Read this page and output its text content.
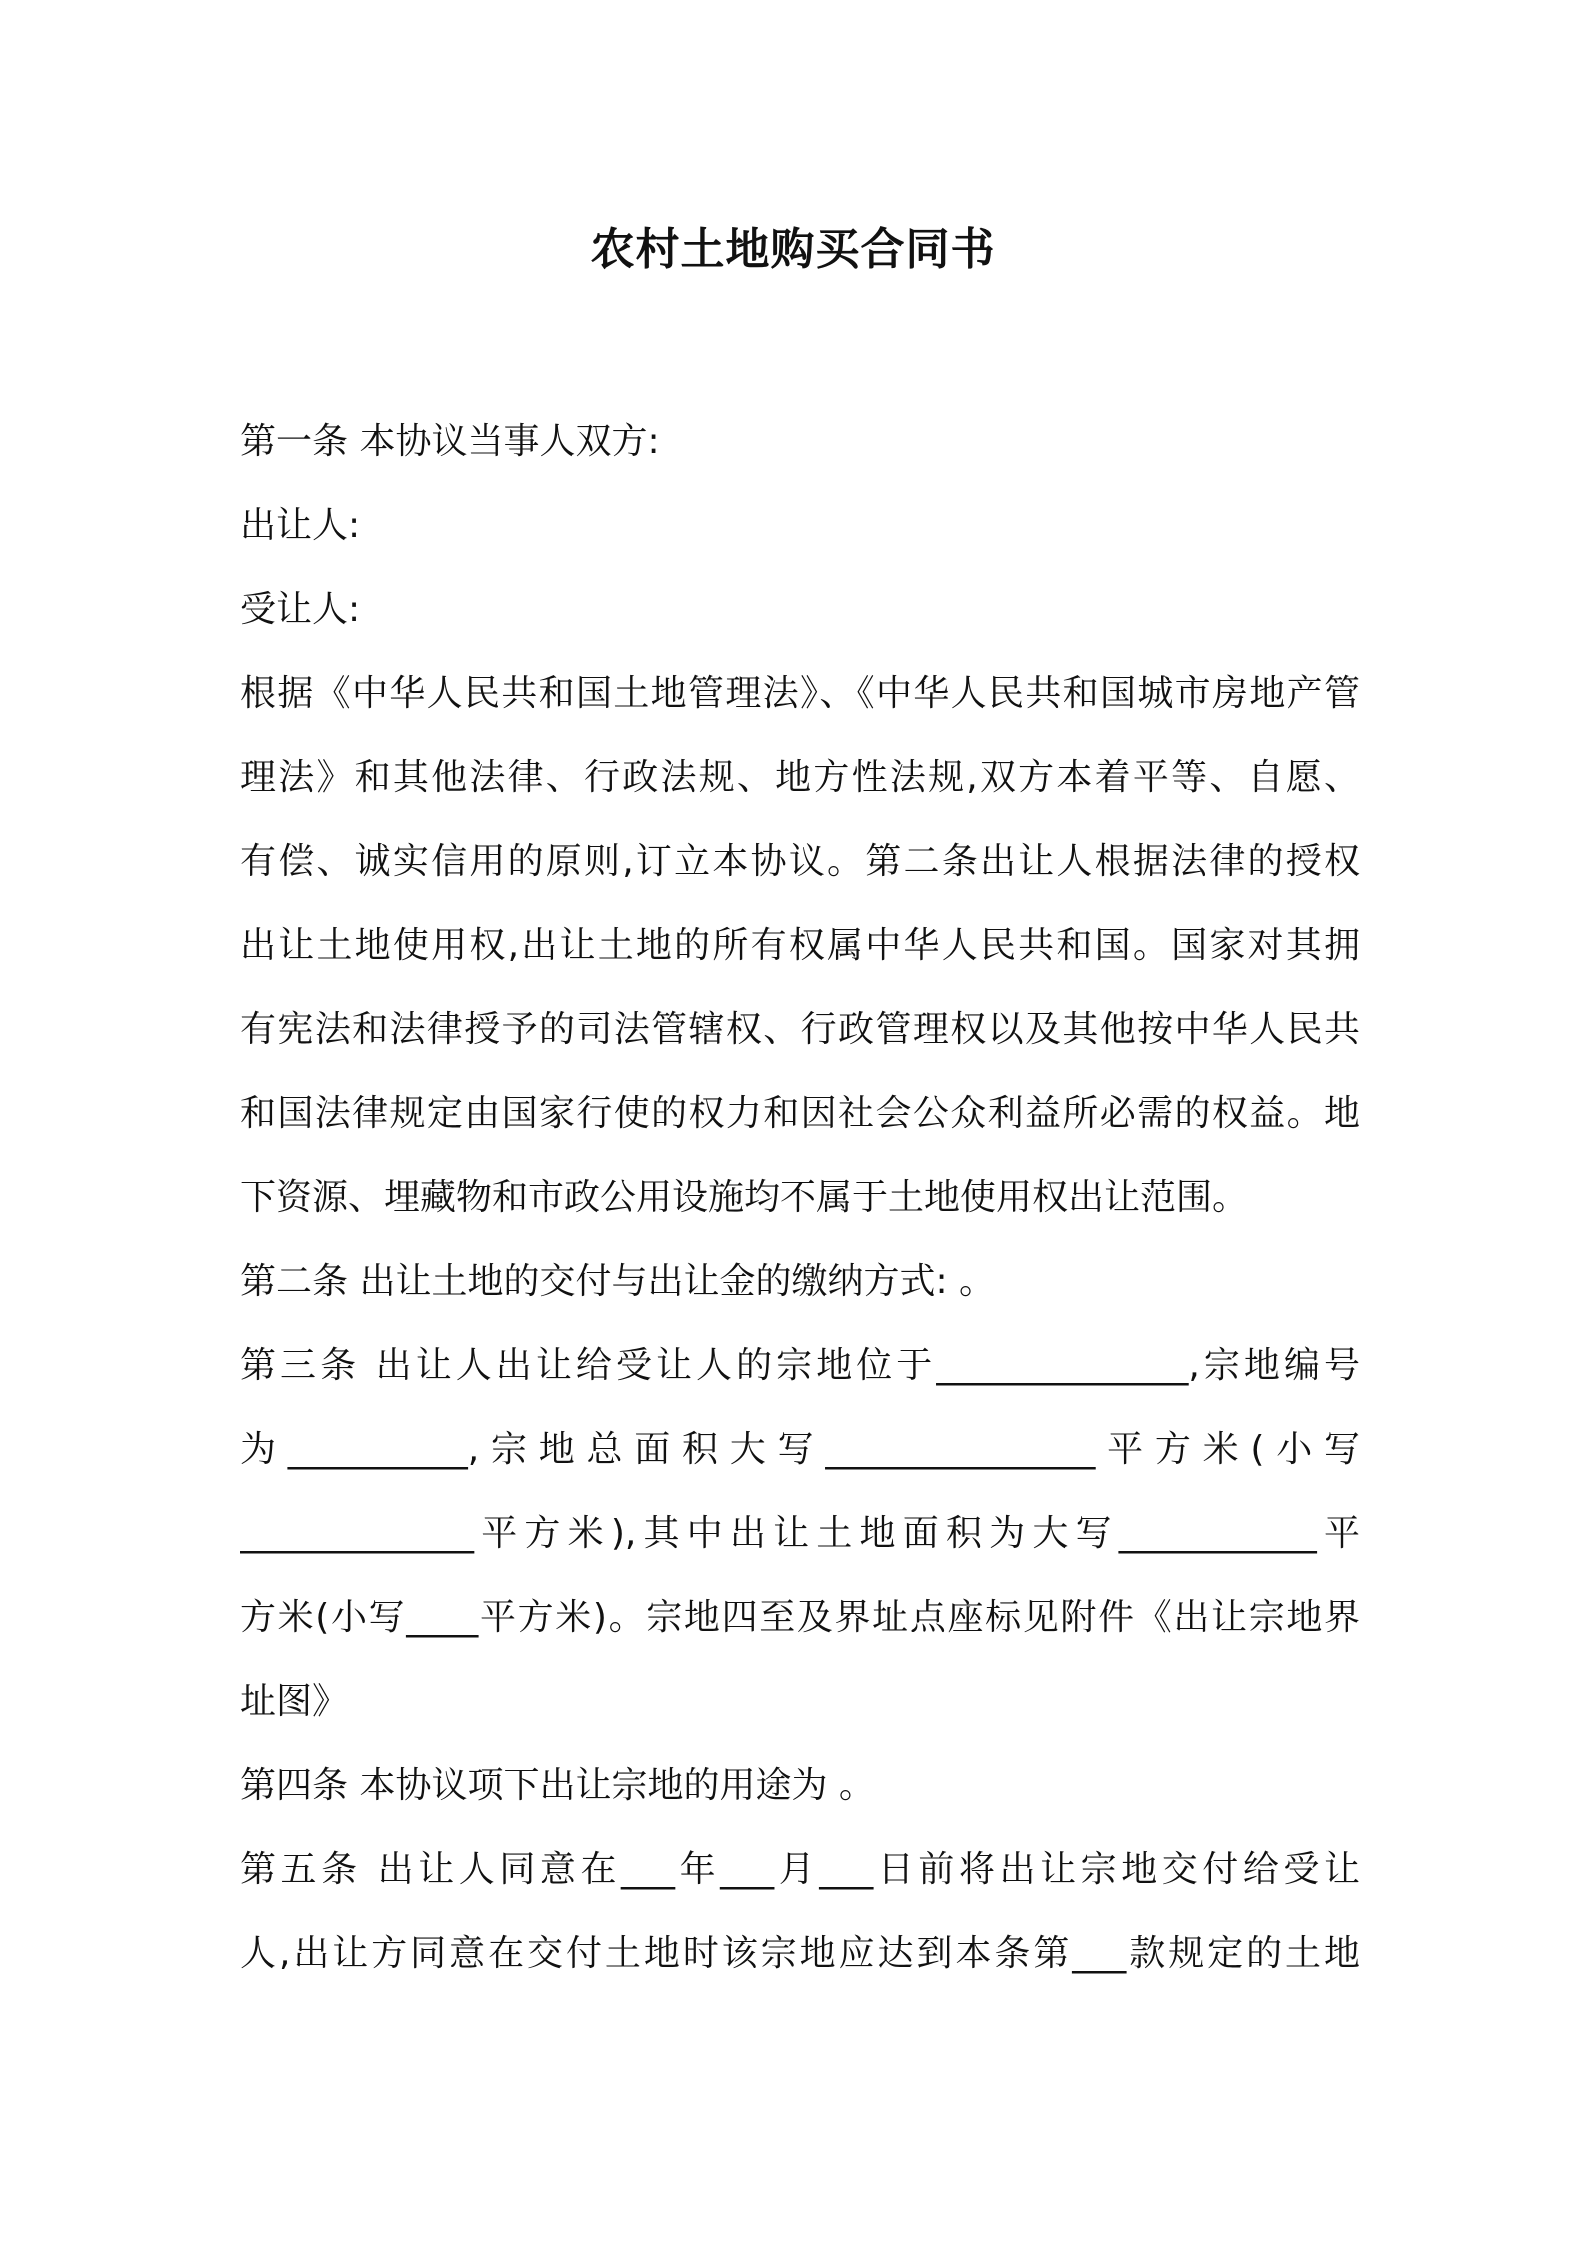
农村土地购买合同书
第一条 本协议当事人双方:
出让人:
受让人:
根据《中华人民共和国土地管理法》、《中华人民共和国城市房地产管
理法》和其他法律、行政法规、地方性法规,双方本着平等、自愿、
有偿、诚实信用的原则,订立本协议。第二条出让人根据法律的授权
出让土地使用权,出让土地的所有权属中华人民共和国。国家对其拥
有宪法和法律授予的司法管辖权、行政管理权以及其他按中华人民共
和国法律规定由国家行使的权力和因社会公众利益所必需的权益。地
下资源、埋藏物和市政公用设施均不属于土地使用权出让范围。
第二条 出让土地的交付与出让金的缴纳方式: 。
第三条 出让人出让给受让人的宗地位于______________,宗地编号
为__________,宗地总面积大写_______________平方米(小写
_____________平方米),其中出让土地面积为大写___________平
方米(小写____平方米)。宗地四至及界址点座标见附件《出让宗地界
址图》
第四条 本协议项下出让宗地的用途为 。
第五条 出让人同意在___年___月___日前将出让宗地交付给受让
人,出让方同意在交付土地时该宗地应达到本条第___款规定的土地
